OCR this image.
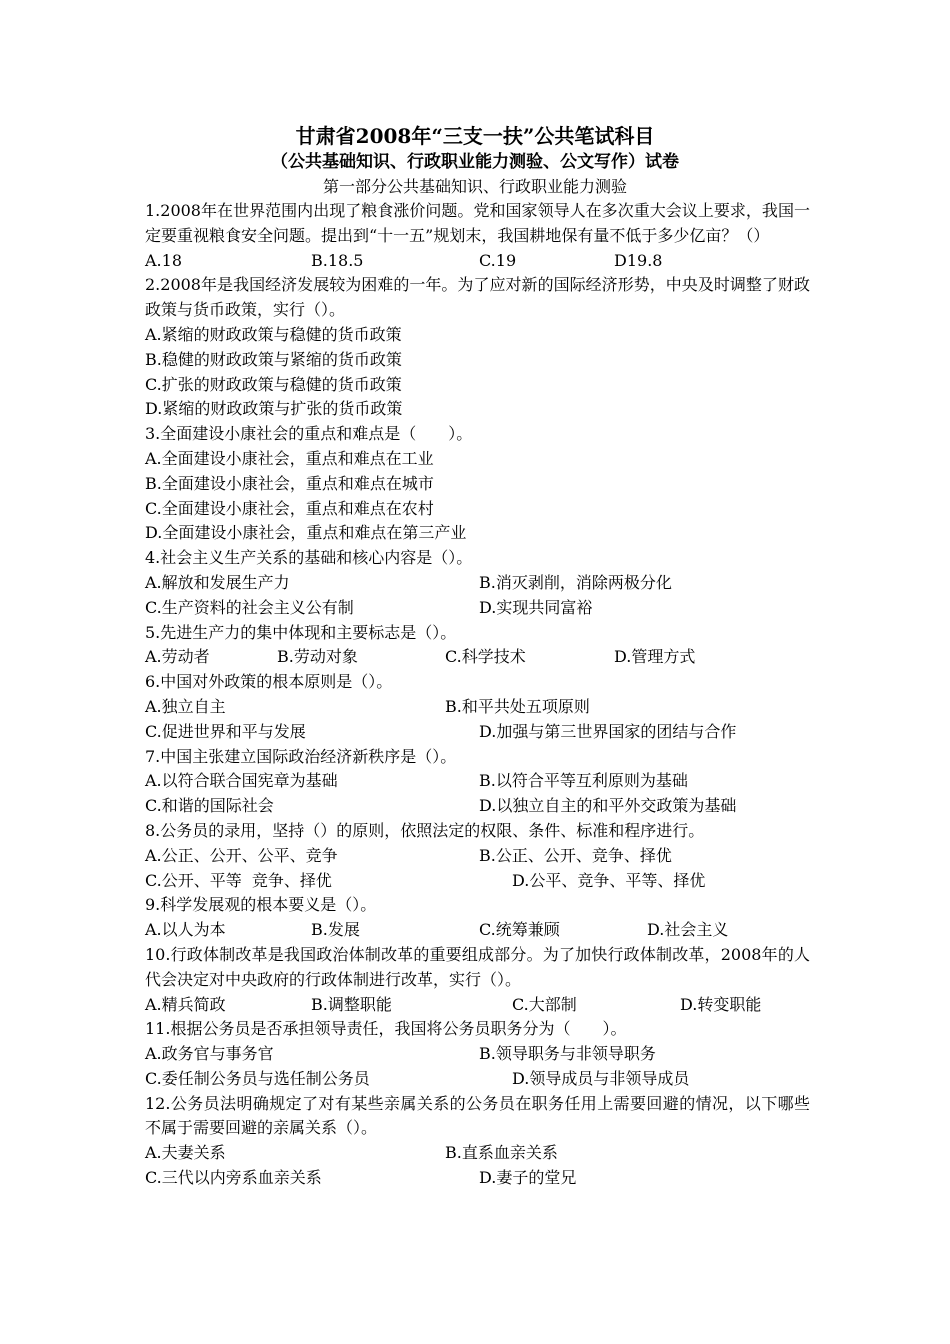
甘肃省2008年“三支一扶”公共笔试科目
（公共基础知识、行政职业能力测验、公文写作）试卷
第一部分公共基础知识、行政职业能力测验
1.2008年在世界范围内出现了粮食涨价问题。党和国家领导人在多次重大会议上要求，我国一定要重视粮食安全问题。提出到“十一五”规划末，我国耕地保有量不低于多少亿亩？（）
A.18	B.18.5	C.19	D19.8
2.2008年是我国经济发展较为困难的一年。为了应对新的国际经济形势，中央及时调整了财政政策与货币政策，实行（）。
A.紧缩的财政政策与稳健的货币政策
B.稳健的财政政策与紧缩的货币政策
C.扩张的财政政策与稳健的货币政策
D.紧缩的财政政策与扩张的货币政策
3.全面建设小康社会的重点和难点是（　　）。
A.全面建设小康社会，重点和难点在工业
B.全面建设小康社会，重点和难点在城市
C.全面建设小康社会，重点和难点在农村
D.全面建设小康社会，重点和难点在第三产业
4.社会主义生产关系的基础和核心内容是（）。
A.解放和发展生产力	B.消灭剥削，消除两极分化
C.生产资料的社会主义公有制	D.实现共同富裕
5.先进生产力的集中体现和主要标志是（）。
A.劳动者	B.劳动对象	C.科学技术	D.管理方式
6.中国对外政策的根本原则是（）。
A.独立自主	B.和平共处五项原则
C.促进世界和平与发展	D.加强与第三世界国家的团结与合作
7.中国主张建立国际政治经济新秩序是（）。
A.以符合联合国宪章为基础	B.以符合平等互利原则为基础
C.和谐的国际社会	D.以独立自主的和平外交政策为基础
8.公务员的录用，坚持（）的原则，依照法定的权限、条件、标准和程序进行。
A.公正、公开、公平、竞争	B.公正、公开、竞争、择优
C.公开、平等  竞争、择优	D.公平、竞争、平等、择优
9.科学发展观的根本要义是（）。
A.以人为本	B.发展	C.统筹兼顾	D.社会主义
10.行政体制改革是我国政治体制改革的重要组成部分。为了加快行政体制改革，2008年的人代会决定对中央政府的行政体制进行改革，实行（）。
A.精兵简政	B.调整职能	C.大部制	D.转变职能
11.根据公务员是否承担领导责任，我国将公务员职务分为（　　）。
A.政务官与事务官	B.领导职务与非领导职务
C.委任制公务员与选任制公务员	D.领导成员与非领导成员
12.公务员法明确规定了对有某些亲属关系的公务员在职务任用上需要回避的情况，以下哪些不属于需要回避的亲属关系（）。
A.夫妻关系	B.直系血亲关系
C.三代以内旁系血亲关系	D.妻子的堂兄
